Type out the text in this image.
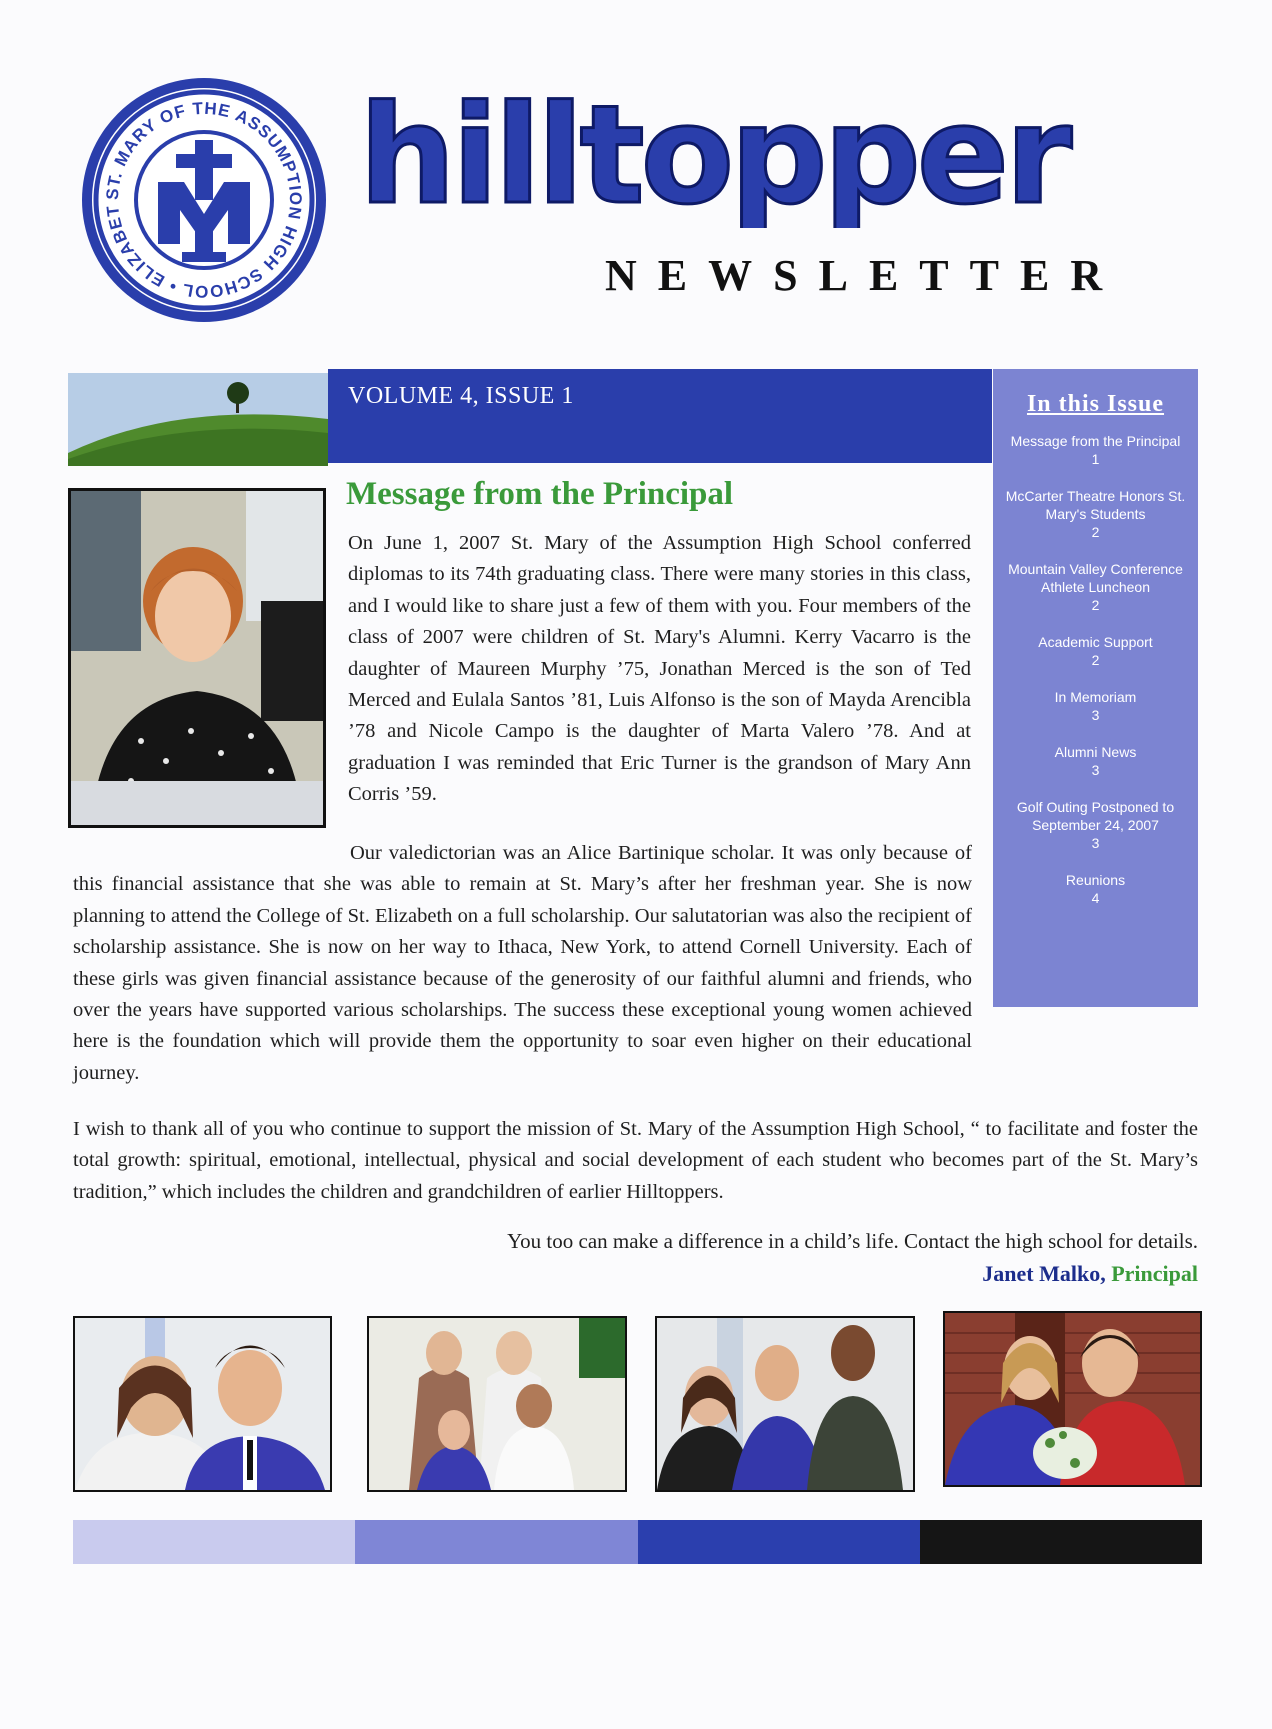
ST. MARY OF THE ASSUMPTION HIGH SCHOOL • ELIZABET	hilltopper
NEWSLETTER
VOLUME 4, ISSUE 1	In this Issue
Message from the Principal
1
McCarter Theatre Honors St. Mary's Students
2
Mountain Valley Conference Athlete Luncheon
2
Academic Support
2
In Memoriam
3
Alumni News
3
Golf Outing Postponed to September 24, 2007
3
Reunions
4
Message from the Principal

On June 1, 2007 St. Mary of the Assumption High School conferred diplomas to its 74th graduating class. There were many stories in this class, and I would like to share just a few of them with you. Four members of the class of 2007 were children of St. Mary's Alumni. Kerry Vacarro is the daughter of Maureen Murphy ’75, Jonathan Merced is the son of Ted Merced and Eulala Santos ’81, Luis Alfonso is the son of Mayda Arencibla ’78 and Nicole Campo is the daughter of Marta Valero ’78. And at graduation I was reminded that Eric Turner is the grandson of Mary Ann Corris ’59.

Our valedictorian was an Alice Bartinique scholar. It was only because of this financial assistance that she was able to remain at St. Mary’s after her freshman year. She is now planning to attend the College of St. Elizabeth on a full scholarship. Our salutatorian was also the recipient of scholarship assistance. She is now on her way to Ithaca, New York, to attend Cornell University. Each of these girls was given financial assistance because of the generosity of our faithful alumni and friends, who over the years have supported various scholarships. The success these exceptional young women achieved here is the foundation which will provide them the opportunity to soar even higher on their educational journey.

I wish to thank all of you who continue to support the mission of St. Mary of the Assumption High School, “ to facilitate and foster the total growth: spiritual, emotional, intellectual, physical and social development of each student who becomes part of the St. Mary’s tradition,” which includes the children and grandchildren of earlier Hilltoppers.

You too can make a difference in a child’s life. Contact the high school for details.
Janet Malko, Principal
